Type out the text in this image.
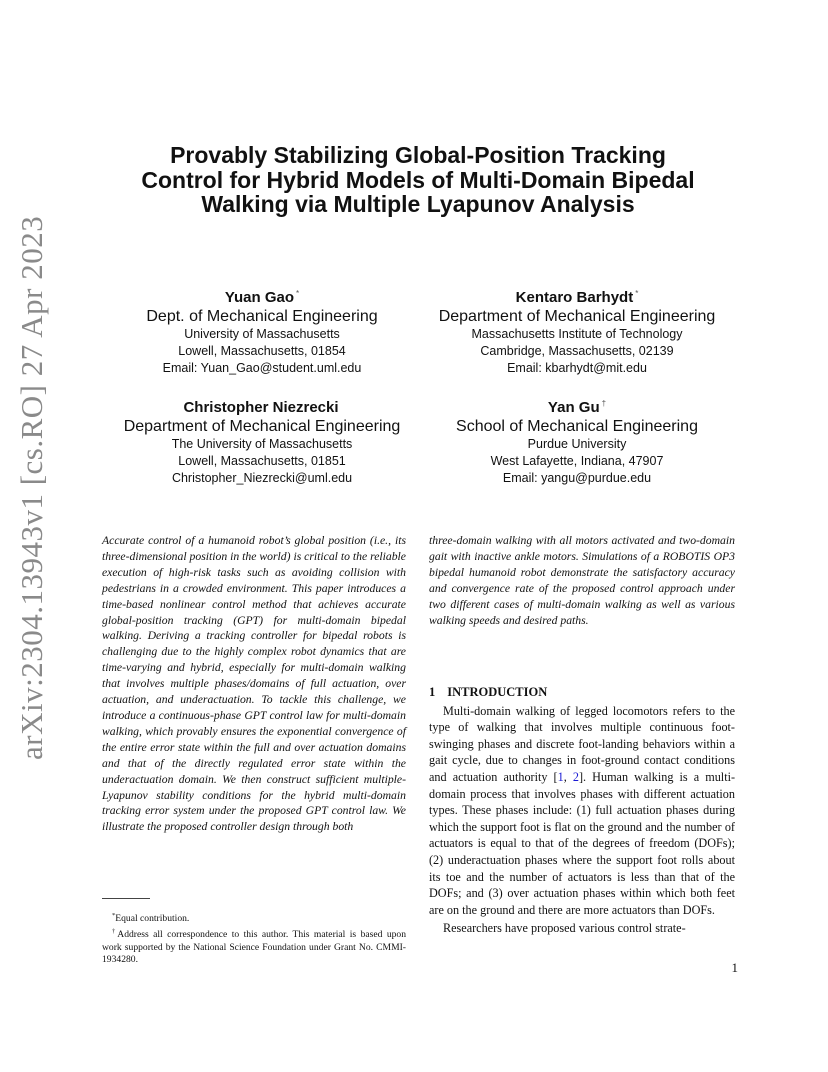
arXiv:2304.13943v1 [cs.RO] 27 Apr 2023
Provably Stabilizing Global-Position Tracking Control for Hybrid Models of Multi-Domain Bipedal Walking via Multiple Lyapunov Analysis
Yuan Gao *
Dept. of Mechanical Engineering
University of Massachusetts
Lowell, Massachusetts, 01854
Email: Yuan_Gao@student.uml.edu
Kentaro Barhydt *
Department of Mechanical Engineering
Massachusetts Institute of Technology
Cambridge, Massachusetts, 02139
Email: kbarhydt@mit.edu
Christopher Niezrecki
Department of Mechanical Engineering
The University of Massachusetts
Lowell, Massachusetts, 01851
Christopher_Niezrecki@uml.edu
Yan Gu †
School of Mechanical Engineering
Purdue University
West Lafayette, Indiana, 47907
Email: yangu@purdue.edu
Accurate control of a humanoid robot’s global position (i.e., its three-dimensional position in the world) is critical to the reliable execution of high-risk tasks such as avoiding collision with pedestrians in a crowded environment. This paper introduces a time-based nonlinear control method that achieves accurate global-position tracking (GPT) for multi-domain bipedal walking. Deriving a tracking controller for bipedal robots is challenging due to the highly complex robot dynamics that are time-varying and hybrid, especially for multi-domain walking that involves multiple phases/domains of full actuation, over actuation, and underactuation. To tackle this challenge, we introduce a continuous-phase GPT control law for multi-domain walking, which provably ensures the exponential convergence of the entire error state within the full and over actuation domains and that of the directly regulated error state within the underactuation domain. We then construct sufficient multiple-Lyapunov stability conditions for the hybrid multi-domain tracking error system under the proposed GPT control law. We illustrate the proposed controller design through both
three-domain walking with all motors activated and two-domain gait with inactive ankle motors. Simulations of a ROBOTIS OP3 bipedal humanoid robot demonstrate the satisfactory accuracy and convergence rate of the proposed control approach under two different cases of multi-domain walking as well as various walking speeds and desired paths.
1 INTRODUCTION

Multi-domain walking of legged locomotors refers to the type of walking that involves multiple continuous foot-swinging phases and discrete foot-landing behaviors within a gait cycle, due to changes in foot-ground contact conditions and actuation authority [1, 2]. Human walking is a multi-domain process that involves phases with different actuation types. These phases include: (1) full actuation phases during which the support foot is flat on the ground and the number of actuators is equal to that of the degrees of freedom (DOFs); (2) underactuation phases where the support foot rolls about its toe and the number of actuators is less than that of the DOFs; and (3) over actuation phases within which both feet are on the ground and there are more actuators than DOFs.

Researchers have proposed various control strate-

*Equal contribution.

†Address all correspondence to this author. This material is based upon work supported by the National Science Foundation under Grant No. CMMI-1934280.

1
